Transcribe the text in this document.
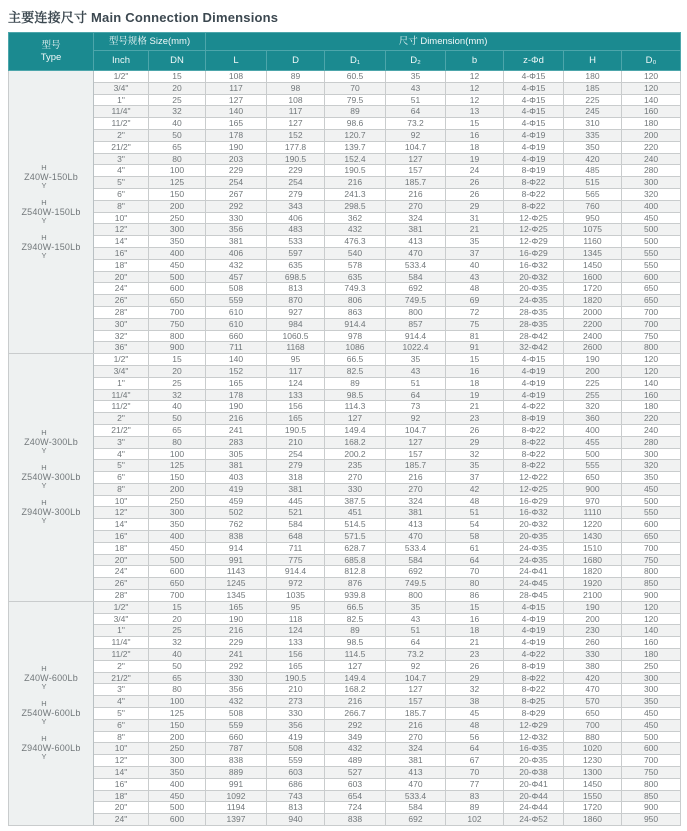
主要连接尺寸 Main Connection Dimensions
型号
Type	型号规格 Size(mm)		尺寸 Dimension(mm)							
	Inch	DN	L	D	D₁	D₂	b	z-Φd	H	D₀

H
Z40W-150Lb
Y
H
Z540W-150Lb
Y
H
Z940W-150Lb
Y
	1/2"	15	108	89	60.5	35	12	4-Φ15	180	120
	3/4"	20	117	98	70	43	12	4-Φ15	185	120
	1"	25	127	108	79.5	51	12	4-Φ15	225	140
	11/4"	32	140	117	89	64	13	4-Φ15	245	160
	11/2"	40	165	127	98.6	73.2	15	4-Φ15	310	180
	2"	50	178	152	120.7	92	16	4-Φ19	335	200
	21/2"	65	190	177.8	139.7	104.7	18	4-Φ19	350	220
	3"	80	203	190.5	152.4	127	19	4-Φ19	420	240
	4"	100	229	229	190.5	157	24	8-Φ19	485	280
	5"	125	254	254	216	185.7	26	8-Φ22	515	300
	6"	150	267	279	241.3	216	26	8-Φ22	565	320
	8"	200	292	343	298.5	270	29	8-Φ22	760	400
	10"	250	330	406	362	324	31	12-Φ25	950	450
	12"	300	356	483	432	381	21	12-Φ25	1075	500
	14"	350	381	533	476.3	413	35	12-Φ29	1160	500
	16"	400	406	597	540	470	37	16-Φ29	1345	550
	18"	450	432	635	578	533.4	40	16-Φ32	1450	550
	20"	500	457	698.5	635	584	43	20-Φ32	1600	600
	24"	600	508	813	749.3	692	48	20-Φ35	1720	650
	26"	650	559	870	806	749.5	69	24-Φ35	1820	650
	28"	700	610	927	863	800	72	28-Φ35	2000	700
	30"	750	610	984	914.4	857	75	28-Φ35	2200	700
	32"	800	660	1060.5	978	914.4	81	28-Φ42	2400	750
	36"	900	711	1168	1086	1022.4	91	32-Φ42	2600	800

H
Z40W-300Lb
Y
H
Z540W-300Lb
Y
H
Z940W-300Lb
Y
	1/2"	15	140	95	66.5	35	15	4-Φ15	190	120
	3/4"	20	152	117	82.5	43	16	4-Φ19	200	120
	1"	25	165	124	89	51	18	4-Φ19	225	140
	11/4"	32	178	133	98.5	64	19	4-Φ19	255	160
	11/2"	40	190	156	114.3	73	21	4-Φ22	320	180
	2"	50	216	165	127	92	23	8-Φ19	360	220
	21/2"	65	241	190.5	149.4	104.7	26	8-Φ22	400	240
	3"	80	283	210	168.2	127	29	8-Φ22	455	280
	4"	100	305	254	200.2	157	32	8-Φ22	500	300
	5"	125	381	279	235	185.7	35	8-Φ22	555	320
	6"	150	403	318	270	216	37	12-Φ22	650	350
	8"	200	419	381	330	270	42	12-Φ25	900	450
	10"	250	459	445	387.5	324	48	16-Φ29	970	500
	12"	300	502	521	451	381	51	16-Φ32	1110	550
	14"	350	762	584	514.5	413	54	20-Φ32	1220	600
	16"	400	838	648	571.5	470	58	20-Φ35	1430	650
	18"	450	914	711	628.7	533.4	61	24-Φ35	1510	700
	20"	500	991	775	685.8	584	64	24-Φ35	1680	750
	24"	600	1143	914.4	812.8	692	70	24-Φ41	1820	800
	26"	650	1245	972	876	749.5	80	24-Φ45	1920	850
	28"	700	1345	1035	939.8	800	86	28-Φ45	2100	900

H
Z40W-600Lb
Y
H
Z540W-600Lb
Y
H
Z940W-600Lb
Y
	1/2"	15	165	95	66.5	35	15	4-Φ15	190	120
	3/4"	20	190	118	82.5	43	16	4-Φ19	200	120
	1"	25	216	124	89	51	18	4-Φ19	230	140
	11/4"	32	229	133	98.5	64	21	4-Φ19	260	160
	11/2"	40	241	156	114.5	73.2	23	4-Φ22	330	180
	2"	50	292	165	127	92	26	8-Φ19	380	250
	21/2"	65	330	190.5	149.4	104.7	29	8-Φ22	420	300
	3"	80	356	210	168.2	127	32	8-Φ22	470	300
	4"	100	432	273	216	157	38	8-Φ25	570	350
	5"	125	508	330	266.7	185.7	45	8-Φ29	650	450
	6"	150	559	356	292	216	48	12-Φ29	700	450
	8"	200	660	419	349	270	56	12-Φ32	880	500
	10"	250	787	508	432	324	64	16-Φ35	1020	600
	12"	300	838	559	489	381	67	20-Φ35	1230	700
	14"	350	889	603	527	413	70	20-Φ38	1300	750
	16"	400	991	686	603	470	77	20-Φ41	1450	800
	18"	450	1092	743	654	533.4	83	20-Φ44	1550	850
	20"	500	1194	813	724	584	89	24-Φ44	1720	900
	24"	600	1397	940	838	692	102	24-Φ52	1860	950
